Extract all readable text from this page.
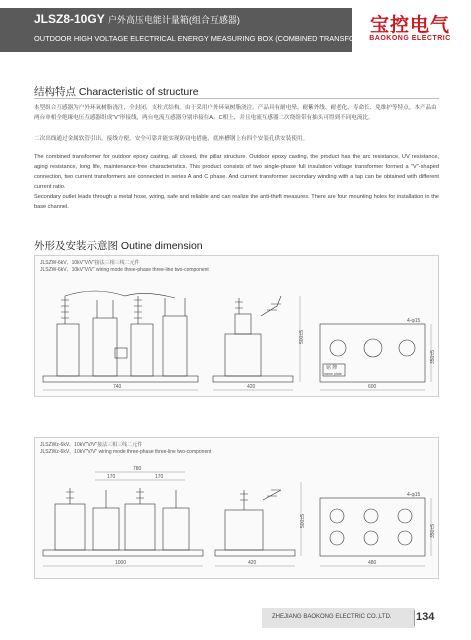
JLSZ8-10GY 户外高压电能计量箱(组合互感器)
OUTDOOR HIGH VOLTAGE ELECTRICAL ENERGY MEASURING BOX (COMBINED TRANSFORMER)
宝控电气
BAOKONG ELECTRIC
结构特点 Characteristic of structure
本型组合互感器为户外环氧树脂浇注，全封闭，支柱式结构。由于采用户外环氧树脂浇注，产品具有耐电晕、耐紫外线、耐老化、寿命长、免维护等特点。本产品由两台单相全绝缘电压互感器组成“V”形接线，两台电流互感器分别串接在A、C相上，并且电流互感器二次绕组带有抽头可得到不同电流比。
二次出线通过金属软管引出，接线方便，安全可靠并能实现防窃电措施，底座槽钢上有四个安装孔供安装使用。
The combined transformer for outdoor epoxy casting, all closed, the pillar structure. Outdoor epoxy casting, the product has the arc resistance, UV resistance, aging resistance, long life, maintenance-free characteristics. This product consists of two single-phase full insulation voltage transformer formed a "V"-shaped connection, two current transformers are connected in series A and C phase. And current transformer secondary winding with a tap can be obtained with different current ratio.
Secondary outlet leads through a metal hose, wiring, safe and reliable and can realize the anti-theft measures. There are four mounting holes for installation in the base channel.
外形及安装示意图 Outine dimension
JLSZW-6kV、10kV"V/V"接法三相三线二元件
JLSZW-6kV、10kV"V/V" wiring mode three-phase three-line two-component
740
500±5
420
铭 牌
name plate
4-φ15
350±5
600
JLSZWz-6kV、10kV"V/V"接法三相三线二元件
JLSZWz-6kV、10kV"V/V" wiring mode three-phase three-line two-component
780
170	170
1000
500±5
420
4-φ15
350±5
480
ZHEJIANG BAOKONG ELECTRIC CO.,LTD. 134
